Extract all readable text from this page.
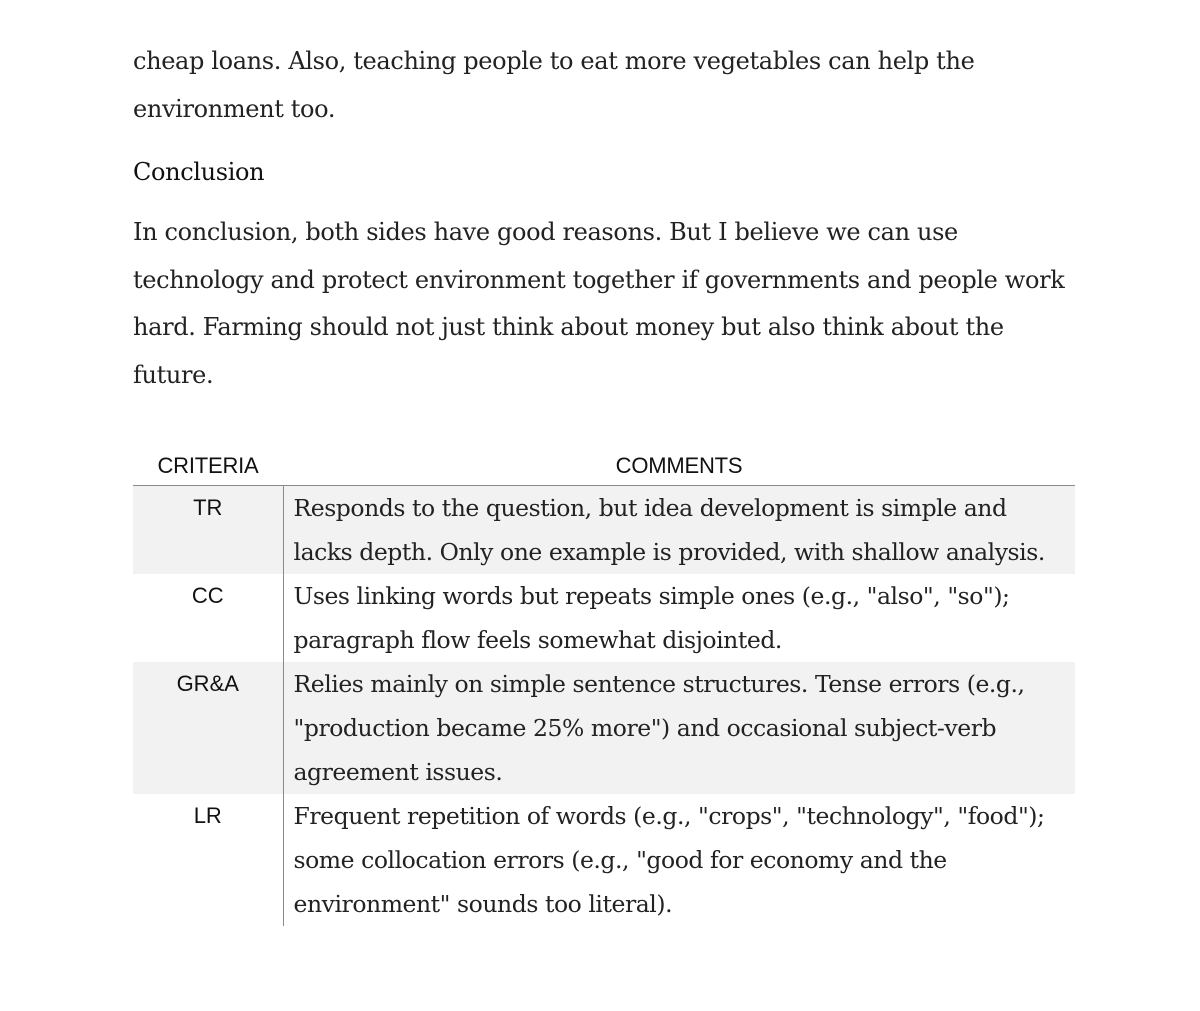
cheap loans. Also, teaching people to eat more vegetables can help the environment too.

Conclusion

In conclusion, both sides have good reasons. But I believe we can use technology and protect environment together if governments and people work hard. Farming should not just think about money but also think about the future.

CRITERIA	COMMENTS
TR	Responds to the question, but idea development is simple and lacks depth. Only one example is provided, with shallow analysis.
CC	Uses linking words but repeats simple ones (e.g., "also", "so"); paragraph flow feels somewhat disjointed.
GR&A	Relies mainly on simple sentence structures. Tense errors (e.g., "production became 25% more") and occasional subject-verb agreement issues.
LR	Frequent repetition of words (e.g., "crops", "technology", "food"); some collocation errors (e.g., "good for economy and the environment" sounds too literal).
